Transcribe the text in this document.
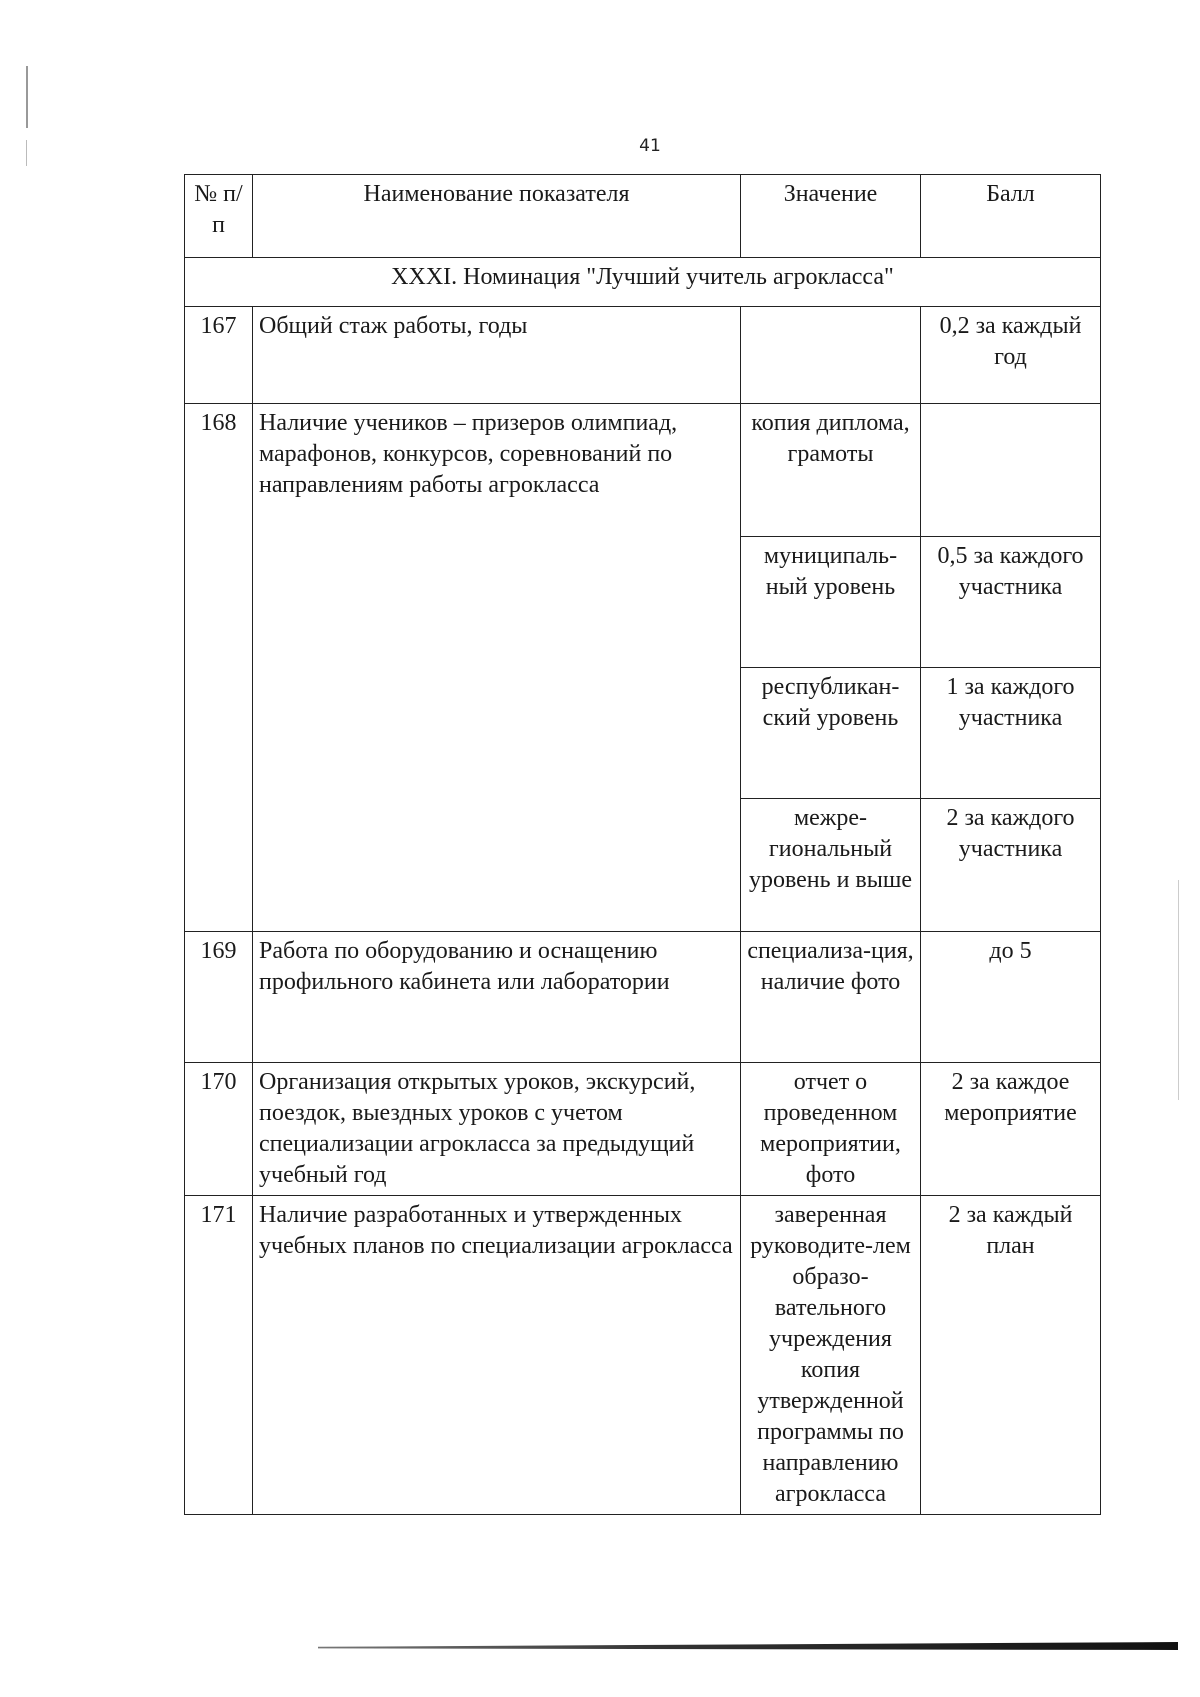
41
№ п/п	Наименование показателя	Значение	Балл
XXXI. Номинация "Лучший учитель агрокласса"			
167	Общий стаж работы, годы		0,2 за каждый год
168	Наличие учеников – призеров олимпиад, марафонов, конкурсов, соревнований по направлениям работы агрокласса	копия диплома, грамоты	
		муниципаль-ный уровень	0,5 за каждого участника
		республикан-ский уровень	1 за каждого участника
		межре-гиональный уровень и выше	2 за каждого участника
169	Работа по оборудованию и оснащению профильного кабинета или лаборатории	специализа-ция, наличие фото	до 5
170	Организация открытых уроков, экскурсий, поездок, выездных уроков с учетом специализации агрокласса за предыдущий учебный год	отчет о проведенном мероприятии, фото	2 за каждое мероприятие
171	Наличие разработанных и утвержденных учебных планов по специализации агрокласса	заверенная руководите-лем образо-вательного учреждения копия утвержденной программы по направлению агрокласса	2 за каждый план
